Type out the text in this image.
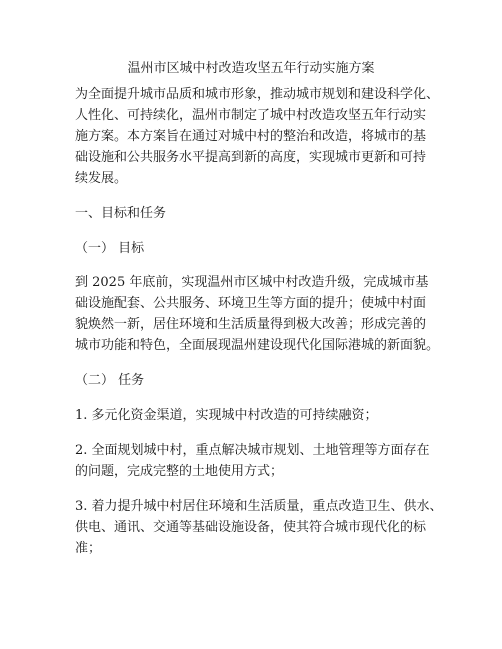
温州市区城中村改造攻坚五年行动实施方案
为全面提升城市品质和城市形象，推动城市规划和建设科学化、
人性化、可持续化，温州市制定了城中村改造攻坚五年行动实
施方案。本方案旨在通过对城中村的整治和改造，将城市的基
础设施和公共服务水平提高到新的高度，实现城市更新和可持
续发展。
一、目标和任务
（一） 目标
到 2025 年底前，实现温州市区城中村改造升级，完成城市基
础设施配套、公共服务、环境卫生等方面的提升；使城中村面
貌焕然一新，居住环境和生活质量得到极大改善；形成完善的
城市功能和特色，全面展现温州建设现代化国际港城的新面貌。
（二） 任务
1. 多元化资金渠道，实现城中村改造的可持续融资；
2. 全面规划城中村，重点解决城市规划、土地管理等方面存在
的问题，完成完整的土地使用方式；
3. 着力提升城中村居住环境和生活质量，重点改造卫生、供水、
供电、通讯、交通等基础设施设备，使其符合城市现代化的标
准；
